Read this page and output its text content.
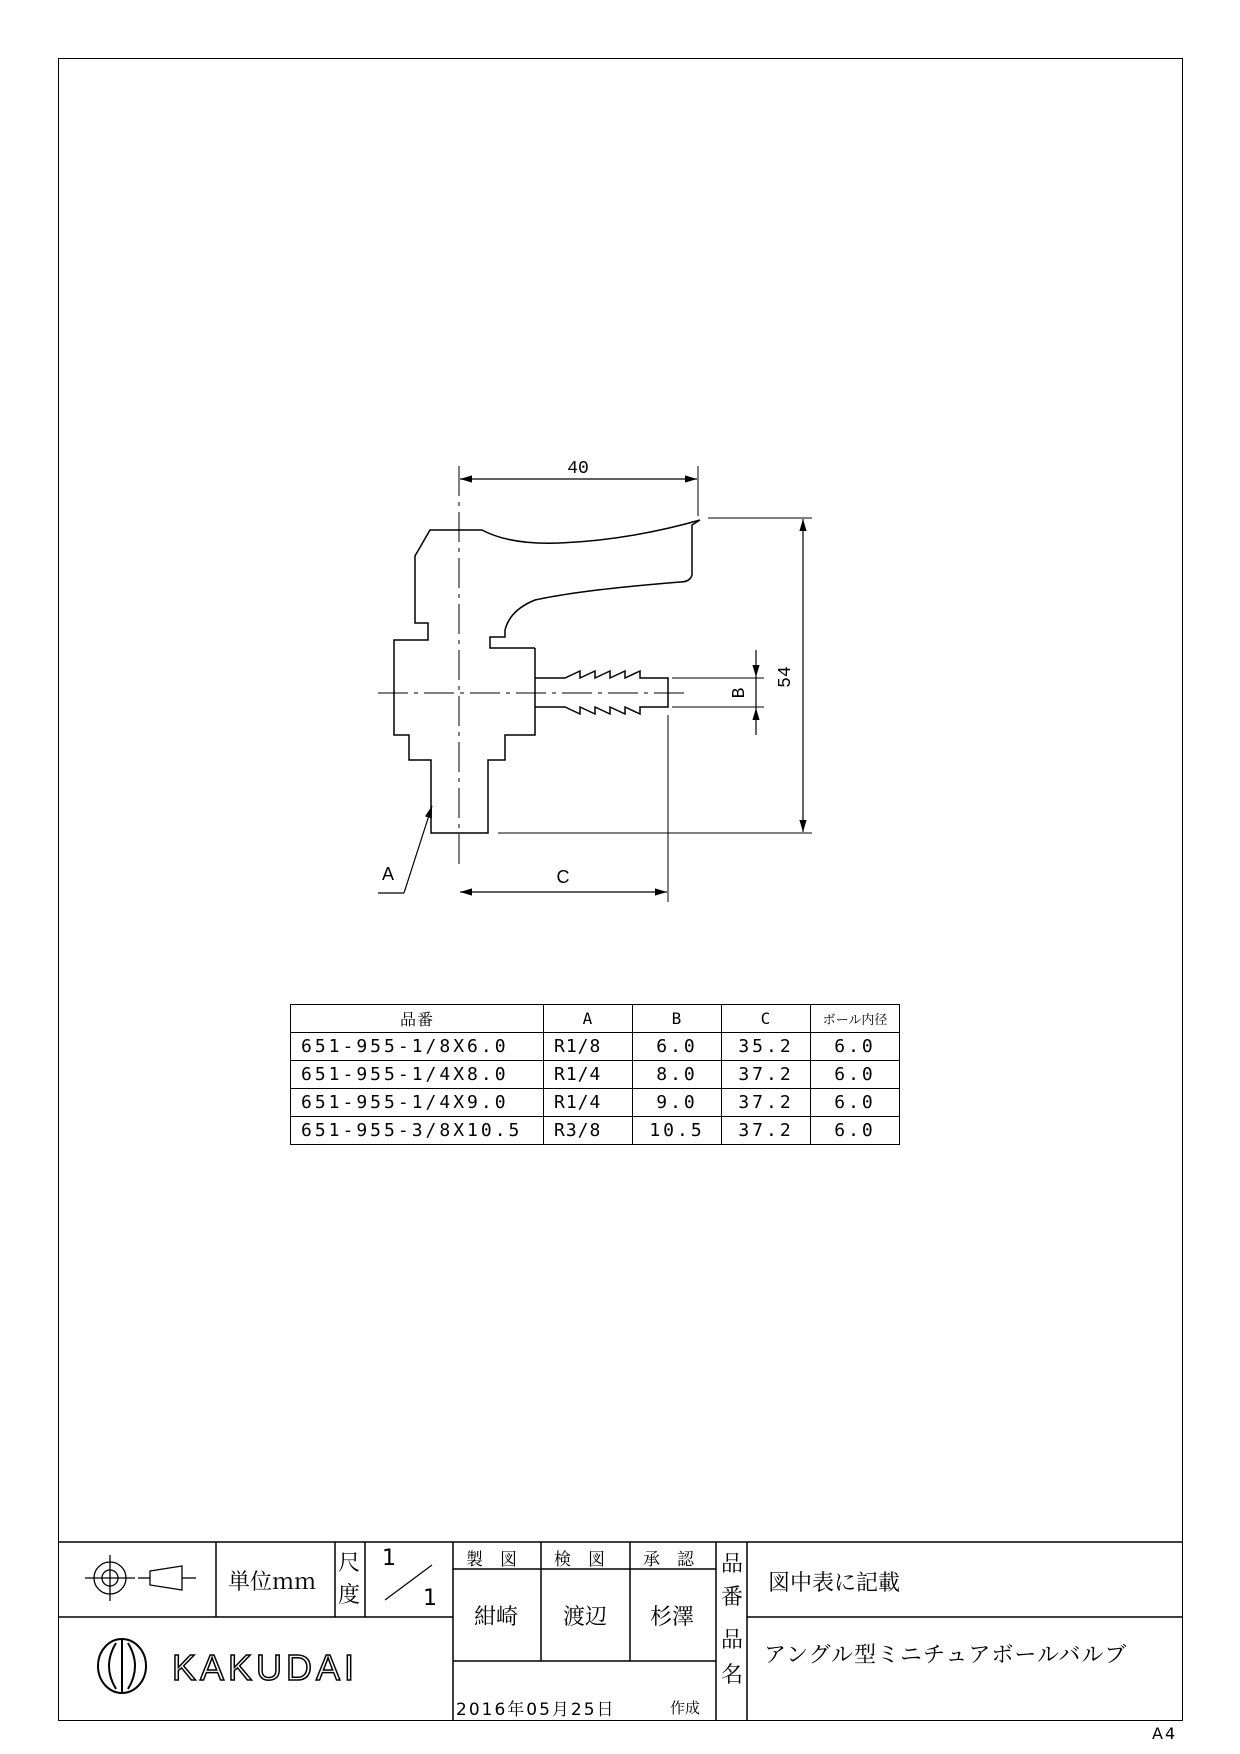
40
54
B
A	C
KAKUDAI
品番	A	B	C	ボール内径
651-955-1/8X6.0	R1/8	6.0	35.2	6.0
651-955-1/4X8.0	R1/4	8.0	37.2	6.0
651-955-1/4X9.0	R1/4	9.0	37.2	6.0
651-955-3/8X10.5	R3/8	10.5	37.2	6.0
単位ｍｍ
尺
度
1
1
製　図 検　図 承　認
紺崎 渡辺 杉澤
品
番
図中表に記載
品
名
アングル型ミニチュアボールバルブ
2016年05月25日	作成
A4
